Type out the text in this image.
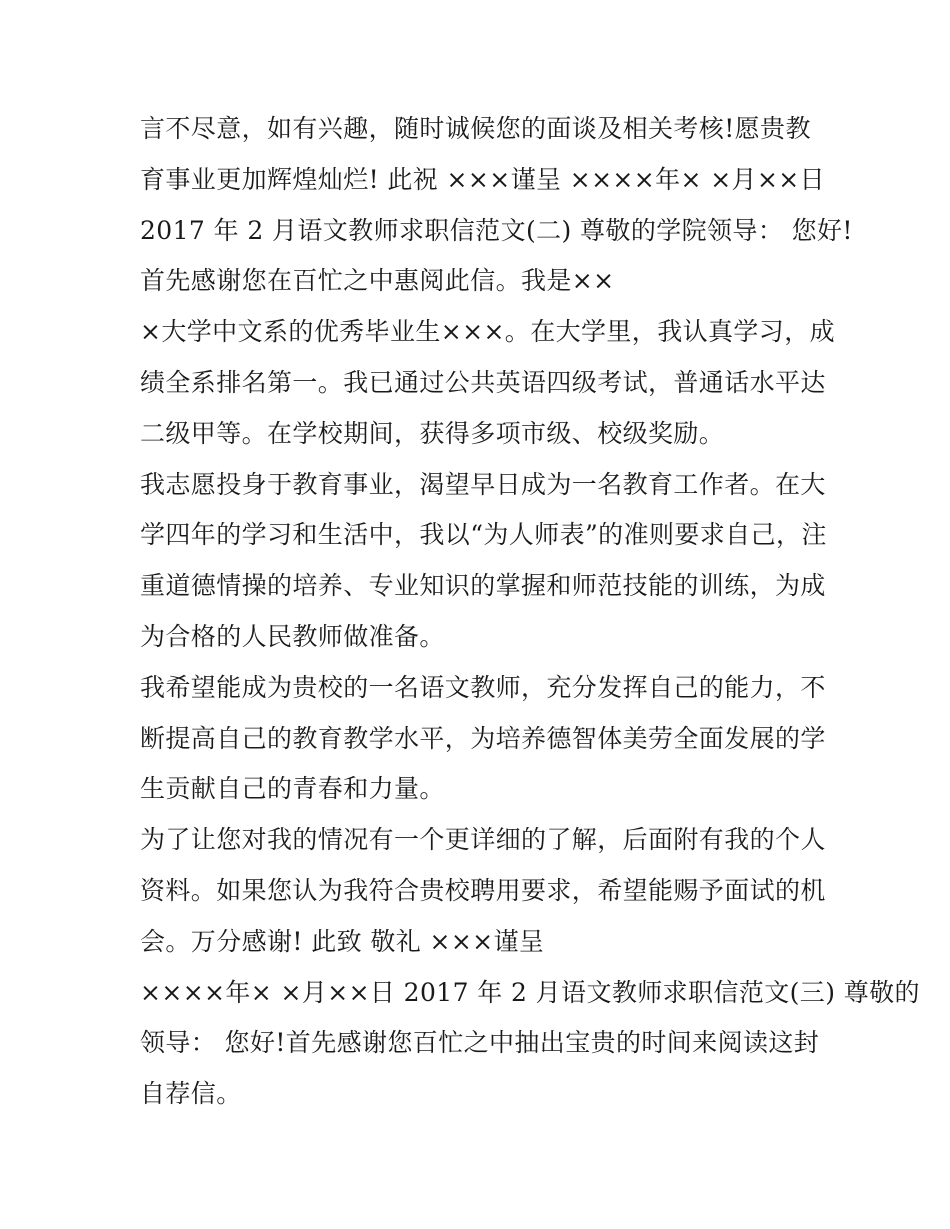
言不尽意，如有兴趣，随时诚候您的面谈及相关考核!愿贵教
育事业更加辉煌灿烂! 此祝 ×××谨呈 ××××年× ×月××日
2017 年 2 月语文教师求职信范文(二) 尊敬的学院领导： 您好!
首先感谢您在百忙之中惠阅此信。我是××
×大学中文系的优秀毕业生×××。在大学里，我认真学习，成
绩全系排名第一。我已通过公共英语四级考试，普通话水平达
二级甲等。在学校期间，获得多项市级、校级奖励。
我志愿投身于教育事业，渴望早日成为一名教育工作者。在大
学四年的学习和生活中，我以“为人师表”的准则要求自己，注
重道德情操的培养、专业知识的掌握和师范技能的训练，为成
为合格的人民教师做准备。
我希望能成为贵校的一名语文教师，充分发挥自己的能力，不
断提高自己的教育教学水平，为培养德智体美劳全面发展的学
生贡献自己的青春和力量。
为了让您对我的情况有一个更详细的了解，后面附有我的个人
资料。如果您认为我符合贵校聘用要求，希望能赐予面试的机
会。万分感谢! 此致 敬礼 ×××谨呈
××××年× ×月××日 2017 年 2 月语文教师求职信范文(三) 尊敬的
领导： 您好!首先感谢您百忙之中抽出宝贵的时间来阅读这封
自荐信。
